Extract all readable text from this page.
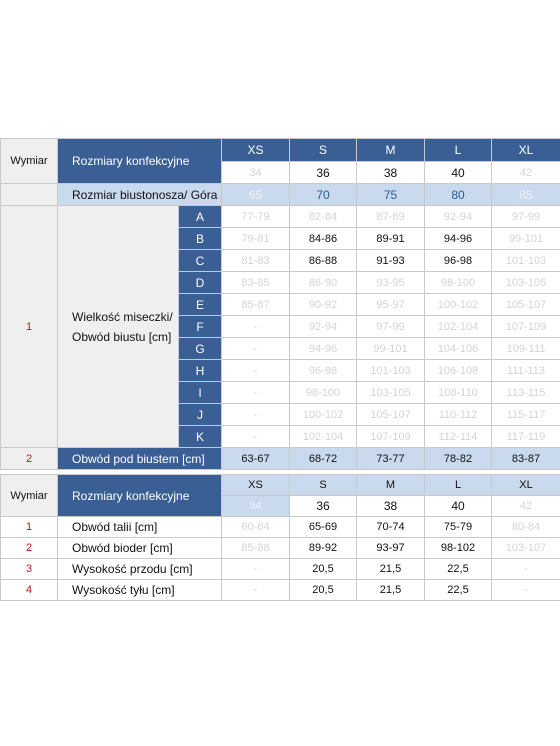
Wymiar	Rozmiary konfekcyjne		XS	S	M	L	XL
			34	36	38	40	42
	Rozmiar biustonosza/ Góra		65	70	75	80	85
1	Wielkość miseczki/ Obwód biustu [cm]	A	77-79	82-84	87-89	92-94	97-99
		B	79-81	84-86	89-91	94-96	99-101
		C	81-83	86-88	91-93	96-98	101-103
		D	83-85	88-90	93-95	98-100	103-105
		E	85-87	90-92	95-97	100-102	105-107
		F	-	92-94	97-99	102-104	107-109
		G	-	94-96	99-101	104-106	109-111
		H	-	96-98	101-103	106-108	111-113
		I	-	98-100	103-105	108-110	113-115
		J	-	100-102	105-107	110-112	115-117
		K	-	102-104	107-109	112-114	117-119
2	Obwód pod biustem [cm]		63-67	68-72	73-77	78-82	83-87
Wymiar	Rozmiary konfekcyjne	XS	S	M	L	XL
		34	36	38	40	42
1	Obwód talii [cm]	60-64	65-69	70-74	75-79	80-84
2	Obwód bioder [cm]	85-88	89-92	93-97	98-102	103-107
3	Wysokość przodu [cm]	-	20,5	21,5	22,5	-
4	Wysokość tyłu [cm]	-	20,5	21,5	22,5	-
